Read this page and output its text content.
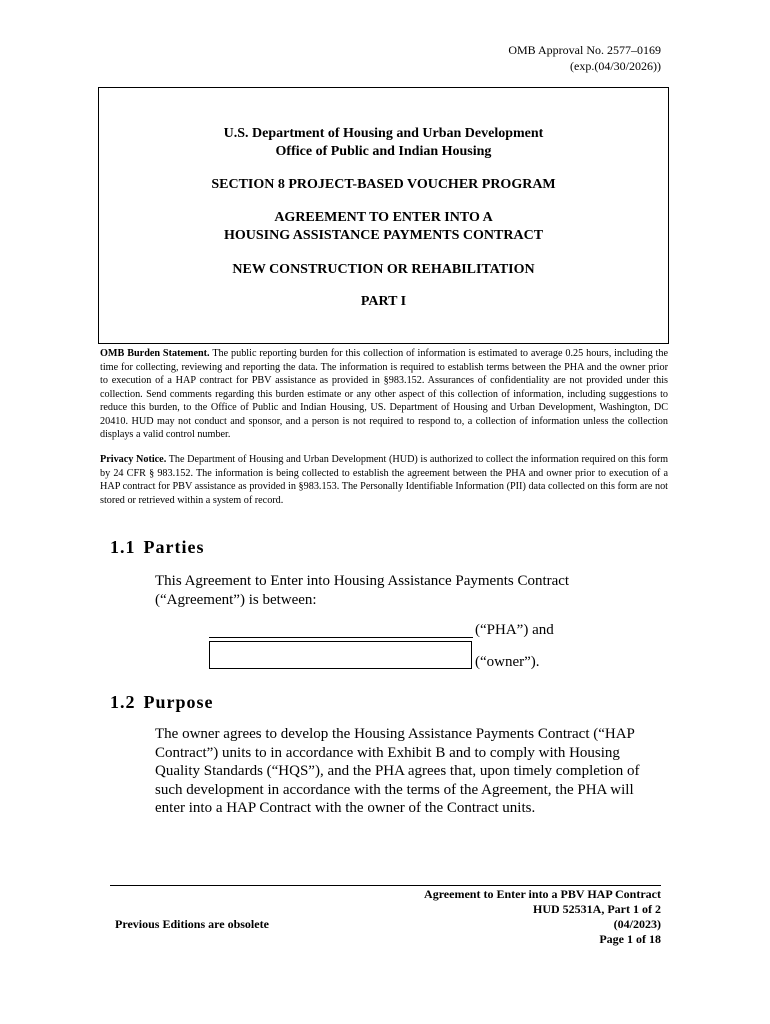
OMB Approval No. 2577–0169
(exp.(04/30/2026))
U.S. Department of Housing and Urban Development
Office of Public and Indian Housing
SECTION 8 PROJECT-BASED VOUCHER PROGRAM
AGREEMENT TO ENTER INTO A
HOUSING ASSISTANCE PAYMENTS CONTRACT
NEW CONSTRUCTION OR REHABILITATION
PART I
OMB Burden Statement. The public reporting burden for this collection of information is estimated to average 0.25 hours, including the time for collecting, reviewing and reporting the data. The information is required to establish terms between the PHA and the owner prior to execution of a HAP contract for PBV assistance as provided in §983.152. Assurances of confidentiality are not provided under this collection. Send comments regarding this burden estimate or any other aspect of this collection of information, including suggestions to reduce this burden, to the Office of Public and Indian Housing, US. Department of Housing and Urban Development, Washington, DC 20410. HUD may not conduct and sponsor, and a person is not required to respond to, a collection of information unless the collection displays a valid control number.
Privacy Notice. The Department of Housing and Urban Development (HUD) is authorized to collect the information required on this form by 24 CFR § 983.152. The information is being collected to establish the agreement between the PHA and owner prior to execution of a HAP contract for PBV assistance as provided in §983.153. The Personally Identifiable Information (PII) data collected on this form are not stored or retrieved within a system of record.
1.1 Parties
This Agreement to Enter into Housing Assistance Payments Contract (“Agreement”) is between:
(“PHA”) and
(“owner”).
1.2 Purpose
The owner agrees to develop the Housing Assistance Payments Contract (“HAP Contract”) units to in accordance with Exhibit B and to comply with Housing Quality Standards (“HQS”), and the PHA agrees that, upon timely completion of such development in accordance with the terms of the Agreement, the PHA will enter into a HAP Contract with the owner of the Contract units.
Previous Editions are obsolete
Agreement to Enter into a PBV HAP Contract
HUD 52531A, Part 1 of 2
(04/2023)
Page 1 of 18
